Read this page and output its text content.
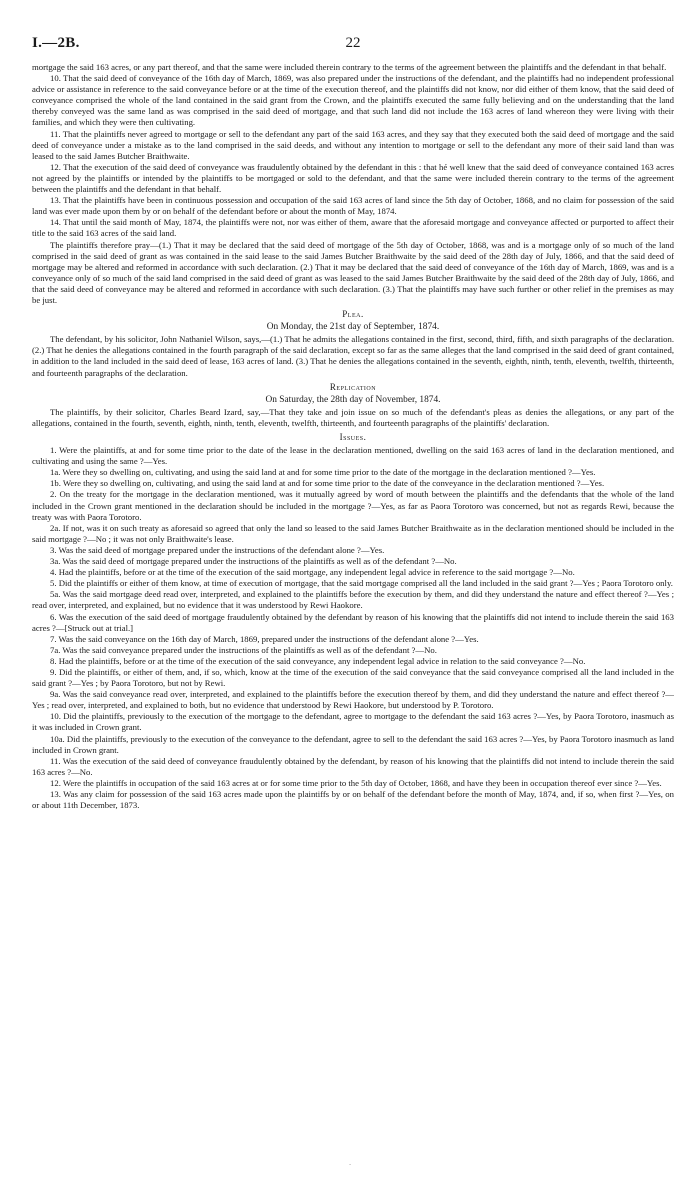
I.—2B.	22

mortgage the said 163 acres, or any part thereof, and that the same were included therein contrary to the terms of the agreement between the plaintiffs and the defendant in that behalf.

10. That the said deed of conveyance of the 16th day of March, 1869, was also prepared under the instructions of the defendant, and the plaintiffs had no independent professional advice or assistance in reference to the said conveyance before or at the time of the execution thereof, and the plaintiffs did not know, nor did either of them know, that the said deed of conveyance comprised the whole of the land contained in the said grant from the Crown, and the plaintiffs executed the same fully believing and on the understanding that the land thereby conveyed was the same land as was comprised in the said deed of mortgage, and that such land did not include the 163 acres of land whereon they were living with their families, and which they were then cultivating.

11. That the plaintiffs never agreed to mortgage or sell to the defendant any part of the said 163 acres, and they say that they executed both the said deed of mortgage and the said deed of conveyance under a mistake as to the land comprised in the said deeds, and without any intention to mortgage or sell to the defendant any more of their said land than was leased to the said James Butcher Braithwaite.

12. That the execution of the said deed of conveyance was fraudulently obtained by the defendant in this : that hé well knew that the said deed of conveyance contained 163 acres not agreed by the plaintiffs or intended by the plaintiffs to be mortgaged or sold to the defendant, and that the same were included therein contrary to the terms of the agreement between the plaintiffs and the defendant in that behalf.

13. That the plaintiffs have been in continuous possession and occupation of the said 163 acres of land since the 5th day of October, 1868, and no claim for possession of the said land was ever made upon them by or on behalf of the defendant before or about the month of May, 1874.

14. That until the said month of May, 1874, the plaintiffs were not, nor was either of them, aware that the aforesaid mortgage and conveyance affected or purported to affect their title to the said 163 acres of the said land.

The plaintiffs therefore pray—(1.) That it may be declared that the said deed of mortgage of the 5th day of October, 1868, was and is a mortgage only of so much of the land comprised in the said deed of grant as was contained in the said lease to the said James Butcher Braithwaite by the said deed of the 28th day of July, 1866, and that the said deed of mortgage may be altered and reformed in accordance with such declaration. (2.) That it may be declared that the said deed of conveyance of the 16th day of March, 1869, was and is a conveyance only of so much of the said land comprised in the said deed of grant as was leased to the said James Butcher Braithwaite by the said deed of the 28th day of July, 1866, and that the said deed of conveyance may be altered and reformed in accordance with such declaration. (3.) That the plaintiffs may have such further or other relief in the premises as may be just.

Plea.
On Monday, the 21st day of September, 1874.

The defendant, by his solicitor, John Nathaniel Wilson, says,—(1.) That he admits the allegations contained in the first, second, third, fifth, and sixth paragraphs of the declaration. (2.) That he denies the allegations contained in the fourth paragraph of the said declaration, except so far as the same alleges that the land comprised in the said deed of grant contained, in addition to the land included in the said deed of lease, 163 acres of land. (3.) That he denies the allegations contained in the seventh, eighth, ninth, tenth, eleventh, twelfth, thirteenth, and fourteenth paragraphs of the declaration.

Replication
On Saturday, the 28th day of November, 1874.

The plaintiffs, by their solicitor, Charles Beard Izard, say,—That they take and join issue on so much of the defendant's pleas as denies the allegations, or any part of the allegations, contained in the fourth, seventh, eighth, ninth, tenth, eleventh, twelfth, thirteenth, and fourteenth paragraphs of the plaintiffs' declaration.

Issues.

1. Were the plaintiffs, at and for some time prior to the date of the lease in the declaration mentioned, dwelling on the said 163 acres of land in the declaration mentioned, and cultivating and using the same ?—Yes.

1a. Were they so dwelling on, cultivating, and using the said land at and for some time prior to the date of the mortgage in the declaration mentioned ?—Yes.

1b. Were they so dwelling on, cultivating, and using the said land at and for some time prior to the date of the conveyance in the declaration mentioned ?—Yes.

2. On the treaty for the mortgage in the declaration mentioned, was it mutually agreed by word of mouth between the plaintiffs and the defendants that the whole of the land included in the Crown grant mentioned in the declaration should be included in the mortgage ?—Yes, as far as Paora Torotoro was concerned, but not as regards Rewi, because the treaty was with Paora Torotoro.

2a. If not, was it on such treaty as aforesaid so agreed that only the land so leased to the said James Butcher Braithwaite as in the declaration mentioned should be included in the said mortgage ?—No ; it was not only Braithwaite's lease.

3. Was the said deed of mortgage prepared under the instructions of the defendant alone ?—Yes.

3a. Was the said deed of mortgage prepared under the instructions of the plaintiffs as well as of the defendant ?—No.

4. Had the plaintiffs, before or at the time of the execution of the said mortgage, any independent legal advice in reference to the said mortgage ?—No.

5. Did the plaintiffs or either of them know, at time of execution of mortgage, that the said mortgage comprised all the land included in the said grant ?—Yes ; Paora Torotoro only.

5a. Was the said mortgage deed read over, interpreted, and explained to the plaintiffs before the execution by them, and did they understand the nature and effect thereof ?—Yes ; read over, interpreted, and explained, but no evidence that it was understood by Rewi Haokore.

6. Was the execution of the said deed of mortgage fraudulently obtained by the defendant by reason of his knowing that the plaintiffs did not intend to include therein the said 163 acres ?—[Struck out at trial.]

7. Was the said conveyance on the 16th day of March, 1869, prepared under the instructions of the defendant alone ?—Yes.

7a. Was the said conveyance prepared under the instructions of the plaintiffs as well as of the defendant ?—No.

8. Had the plaintiffs, before or at the time of the execution of the said conveyance, any independent legal advice in relation to the said conveyance ?—No.

9. Did the plaintiffs, or either of them, and, if so, which, know at the time of the execution of the said conveyance that the said conveyance comprised all the land included in the said grant ?—Yes ; by Paora Torotoro, but not by Rewi.

9a. Was the said conveyance read over, interpreted, and explained to the plaintiffs before the execution thereof by them, and did they understand the nature and effect thereof ?—Yes ; read over, interpreted, and explained to both, but no evidence that understood by Rewi Haokore, but understood by P. Torotoro.

10. Did the plaintiffs, previously to the execution of the mortgage to the defendant, agree to mortgage to the defendant the said 163 acres ?—Yes, by Paora Torotoro, inasmuch as it was included in Crown grant.

10a. Did the plaintiffs, previously to the execution of the conveyance to the defendant, agree to sell to the defendant the said 163 acres ?—Yes, by Paora Torotoro inasmuch as land included in Crown grant.

11. Was the execution of the said deed of conveyance fraudulently obtained by the defendant, by reason of his knowing that the plaintiffs did not intend to include therein the said 163 acres ?—No.

12. Were the plaintiffs in occupation of the said 163 acres at or for some time prior to the 5th day of October, 1868, and have they been in occupation thereof ever since ?—Yes.

13. Was any claim for possession of the said 163 acres made upon the plaintiffs by or on behalf of the defendant before the month of May, 1874, and, if so, when first ?—Yes, on or about 11th December, 1873.

·
